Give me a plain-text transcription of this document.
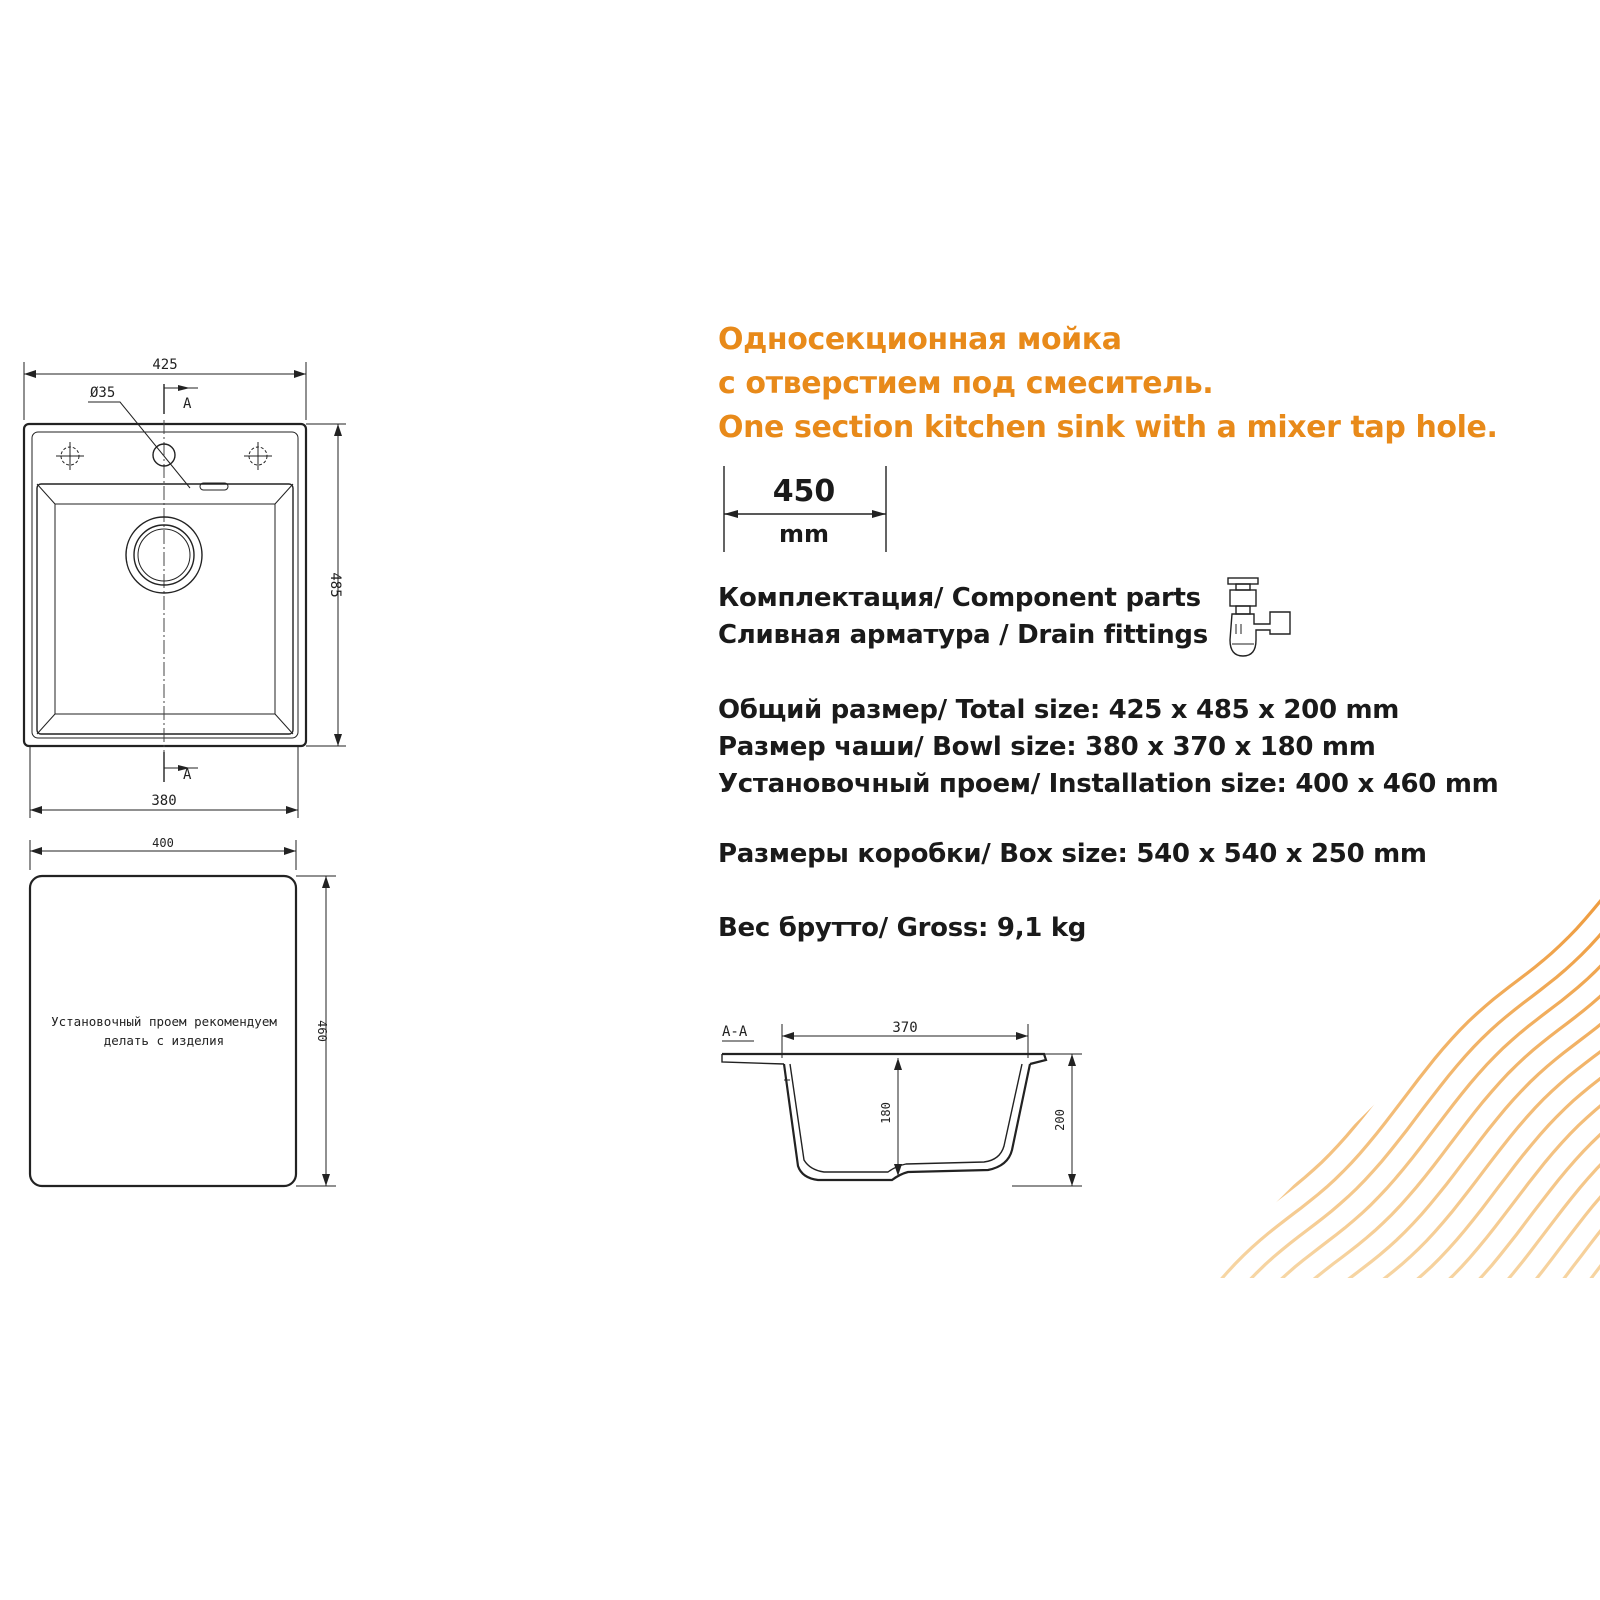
425
Ø35
A
A
485
380
400
460
Установочный проем рекомендуем
делать с изделия
A-A	370
180	200
Односекционная мойка
с отверстием под смеситель.
One section kitchen sink with a mixer tap hole.
450
mm
Комплектация/ Component parts
Сливная арматура / Drain fittings
Общий размер/ Total size: 425 x 485 x 200 mm
Размер чаши/ Bowl size: 380 x 370 x 180 mm
Установочный проем/ Installation size: 400 x 460 mm
Размеры коробки/ Box size: 540 x 540 x 250 mm
Вес брутто/ Gross: 9,1 kg
